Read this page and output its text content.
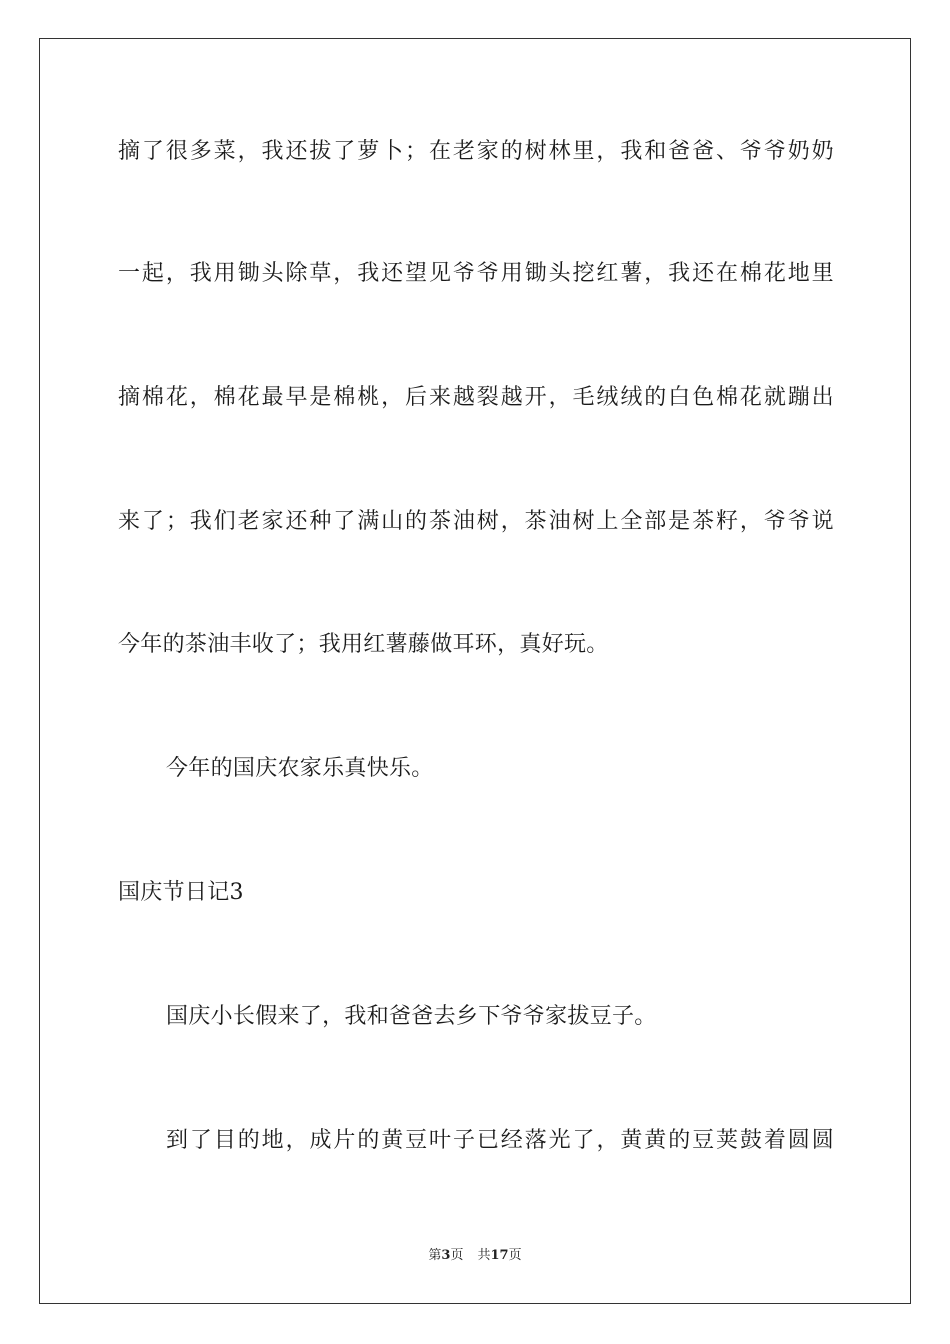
摘了很多菜，我还拔了萝卜；在老家的树林里，我和爸爸、爷爷奶奶
一起，我用锄头除草，我还望见爷爷用锄头挖红薯，我还在棉花地里
摘棉花，棉花最早是棉桃，后来越裂越开，毛绒绒的白色棉花就蹦出
来了；我们老家还种了满山的茶油树，茶油树上全部是茶籽，爷爷说
今年的茶油丰收了；我用红薯藤做耳环，真好玩。
今年的国庆农家乐真快乐。
国庆节日记3
国庆小长假来了，我和爸爸去乡下爷爷家拔豆子。
到了目的地，成片的黄豆叶子已经落光了，黄黄的豆荚鼓着圆圆
第3页 共17页
